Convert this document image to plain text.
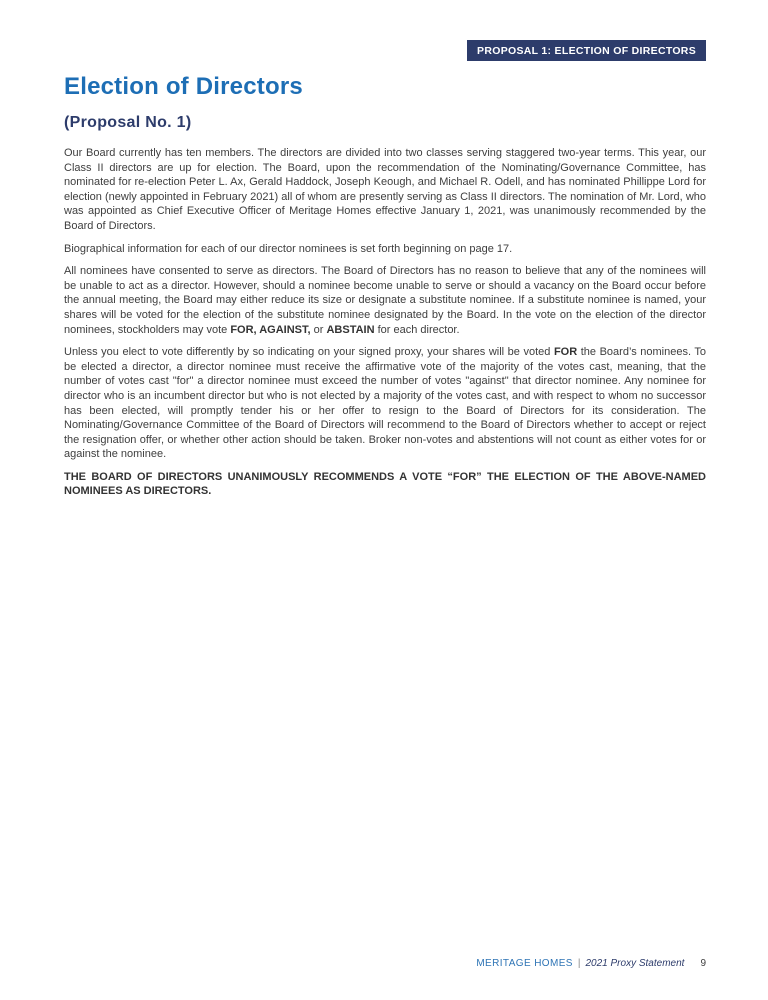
PROPOSAL 1: ELECTION OF DIRECTORS
Election of Directors
(Proposal No. 1)

Our Board currently has ten members. The directors are divided into two classes serving staggered two-year terms. This year, our Class II directors are up for election. The Board, upon the recommendation of the Nominating/Governance Committee, has nominated for re-election Peter L. Ax, Gerald Haddock, Joseph Keough, and Michael R. Odell, and has nominated Phillippe Lord for election (newly appointed in February 2021) all of whom are presently serving as Class II directors. The nomination of Mr. Lord, who was appointed as Chief Executive Officer of Meritage Homes effective January 1, 2021, was unanimously recommended by the Board of Directors.

Biographical information for each of our director nominees is set forth beginning on page 17.

All nominees have consented to serve as directors. The Board of Directors has no reason to believe that any of the nominees will be unable to act as a director. However, should a nominee become unable to serve or should a vacancy on the Board occur before the annual meeting, the Board may either reduce its size or designate a substitute nominee. If a substitute nominee is named, your shares will be voted for the election of the substitute nominee designated by the Board. In the vote on the election of the director nominees, stockholders may vote FOR, AGAINST, or ABSTAIN for each director.

Unless you elect to vote differently by so indicating on your signed proxy, your shares will be voted FOR the Board’s nominees. To be elected a director, a director nominee must receive the affirmative vote of the majority of the votes cast, meaning, that the number of votes cast "for" a director nominee must exceed the number of votes "against" that director nominee. Any nominee for director who is an incumbent director but who is not elected by a majority of the votes cast, and with respect to whom no successor has been elected, will promptly tender his or her offer to resign to the Board of Directors for its consideration. The Nominating/Governance Committee of the Board of Directors will recommend to the Board of Directors whether to accept or reject the resignation offer, or whether other action should be taken. Broker non-votes and abstentions will not count as either votes for or against the nominee.

THE BOARD OF DIRECTORS UNANIMOUSLY RECOMMENDS A VOTE “FOR” THE ELECTION OF THE ABOVE-NAMED NOMINEES AS DIRECTORS.

MERITAGE HOMES | 2021 Proxy Statement 9
